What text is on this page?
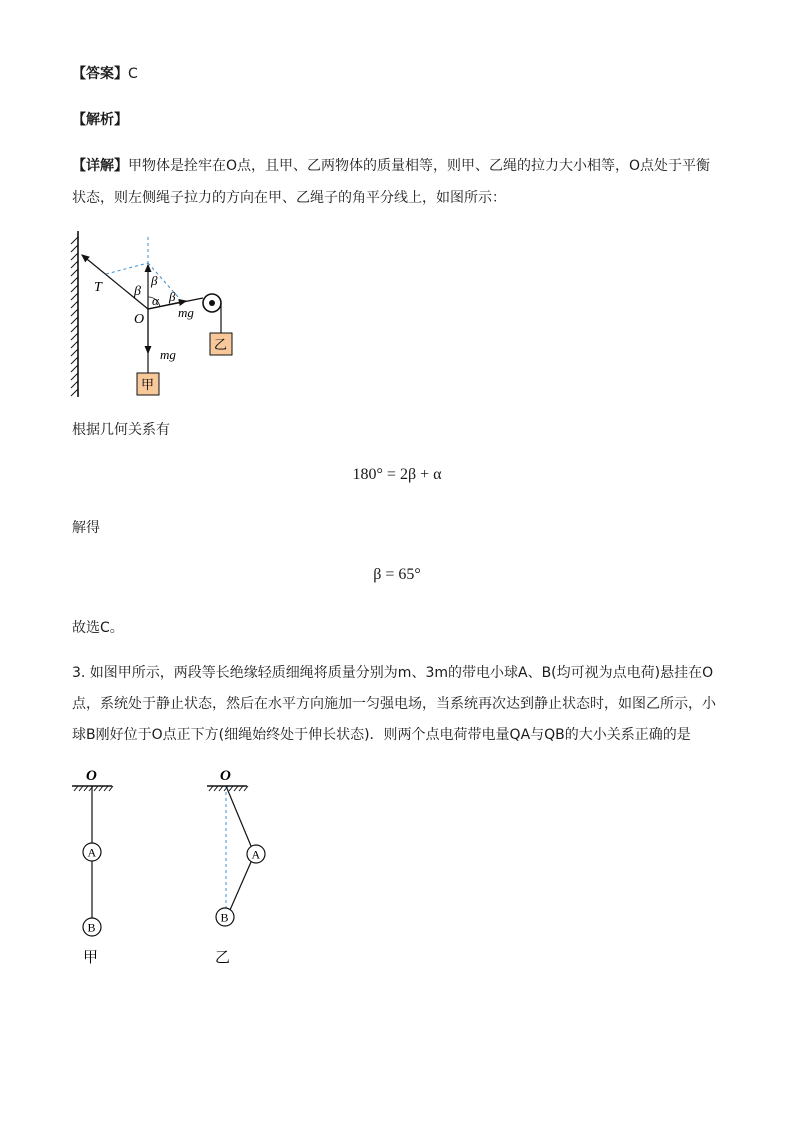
【答案】C
【解析】
【详解】甲物体是拴牢在O点，且甲、乙两物体的质量相等，则甲、乙绳的拉力大小相等，O点处于平衡
状态，则左侧绳子拉力的方向在甲、乙绳子的角平分线上，如图所示：
T β
β
α β
O	mg
mg
甲
乙
根据几何关系有
180° = 2β + α
解得
β = 65°
故选C。
3. 如图甲所示，两段等长绝缘轻质细绳将质量分别为m、3m的带电小球A、B(均可视为点电荷)悬挂在O
点，系统处于静止状态，然后在水平方向施加一匀强电场，当系统再次达到静止状态时，如图乙所示，小
球B刚好位于O点正下方(细绳始终处于伸长状态)．则两个点电荷带电量QA与QB的大小关系正确的是
O
A
B
甲
O
A
B
乙
